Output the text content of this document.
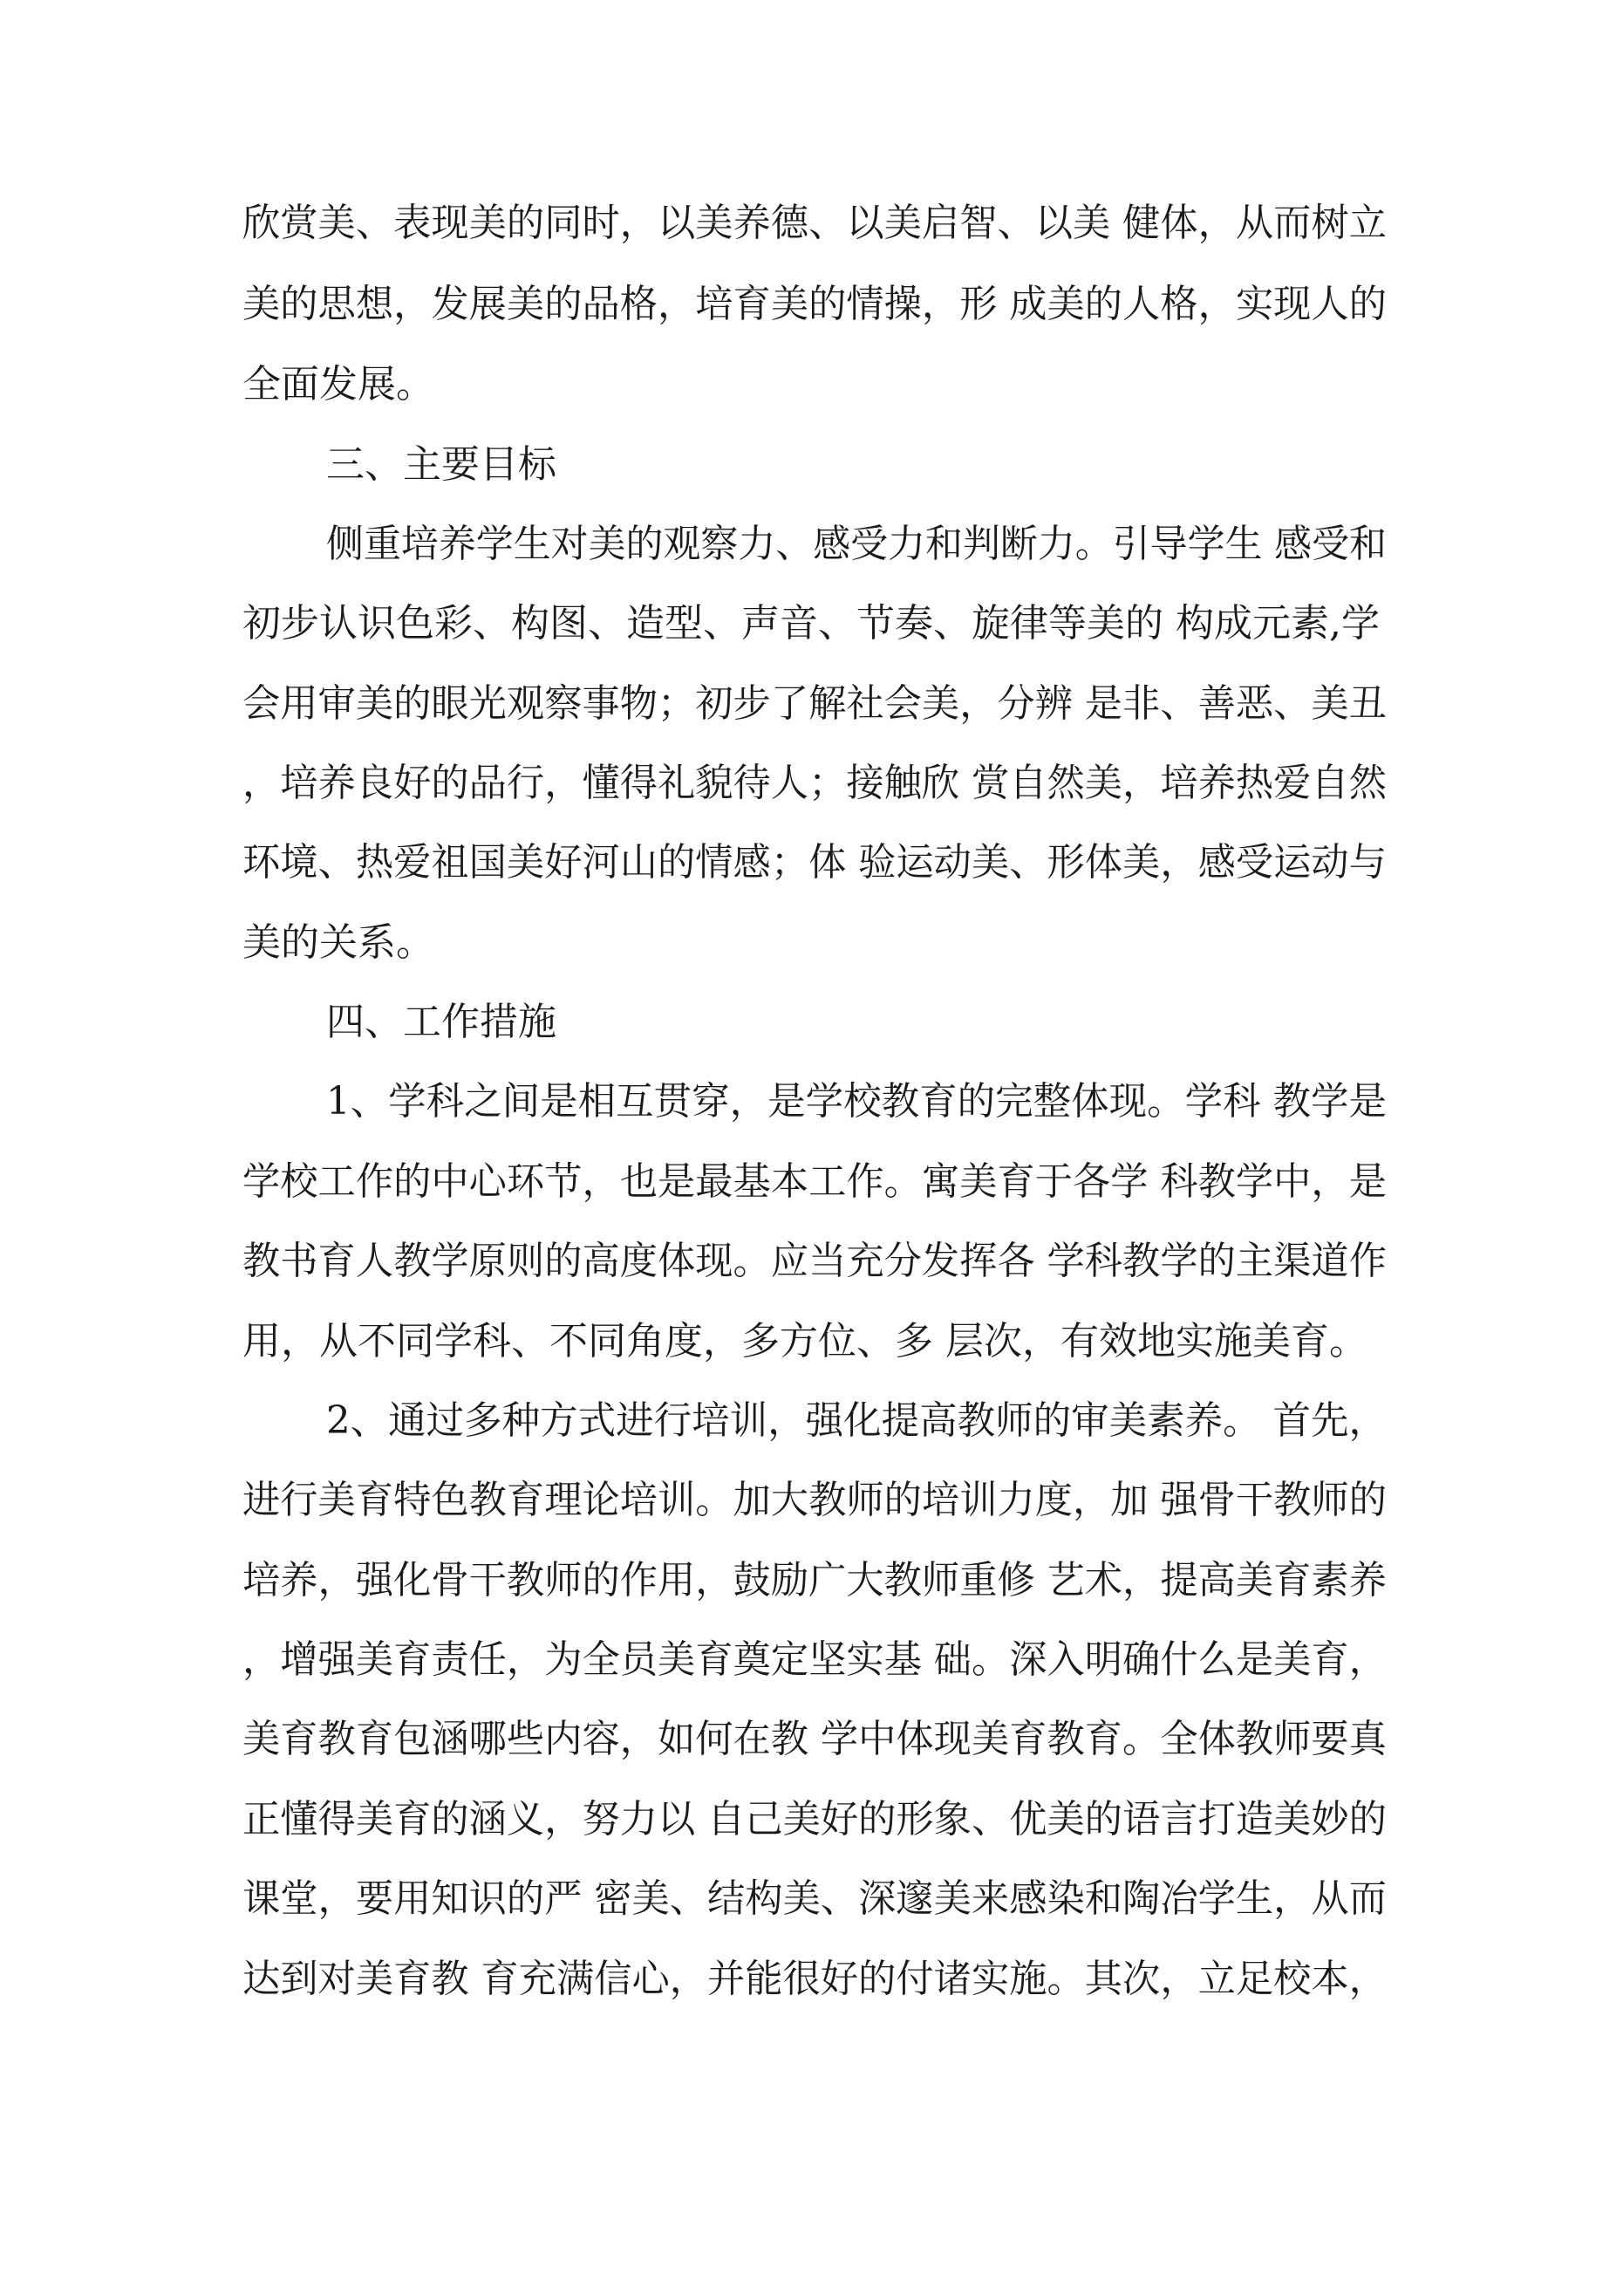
欣赏美、表现美的同时，以美养德、以美启智、以美 健体，从而树立
美的思想，发展美的品格，培育美的情操，形 成美的人格，实现人的
全面发展。
三、主要目标
侧重培养学生对美的观察力、感受力和判断力。引导学生 感受和
初步认识色彩、构图、造型、声音、节奏、旋律等美的 构成元素,学
会用审美的眼光观察事物；初步了解社会美，分辨 是非、善恶、美丑
，培养良好的品行，懂得礼貌待人；接触欣 赏自然美，培养热爱自然
环境、热爱祖国美好河山的情感；体 验运动美、形体美，感受运动与
美的关系。
四、工作措施
1、学科之间是相互贯穿，是学校教育的完整体现。学科 教学是
学校工作的中心环节，也是最基本工作。寓美育于各学 科教学中，是
教书育人教学原则的高度体现。应当充分发挥各 学科教学的主渠道作
用，从不同学科、不同角度，多方位、多 层次，有效地实施美育。
2、通过多种方式进行培训，强化提高教师的审美素养。 首先，
进行美育特色教育理论培训。加大教师的培训力度，加 强骨干教师的
培养，强化骨干教师的作用，鼓励广大教师重修 艺术，提高美育素养
，增强美育责任，为全员美育奠定坚实基 础。深入明确什么是美育，
美育教育包涵哪些内容，如何在教 学中体现美育教育。全体教师要真
正懂得美育的涵义，努力以 自己美好的形象、优美的语言打造美妙的
课堂，要用知识的严 密美、结构美、深邃美来感染和陶冶学生，从而
达到对美育教 育充满信心，并能很好的付诸实施。其次，立足校本，
